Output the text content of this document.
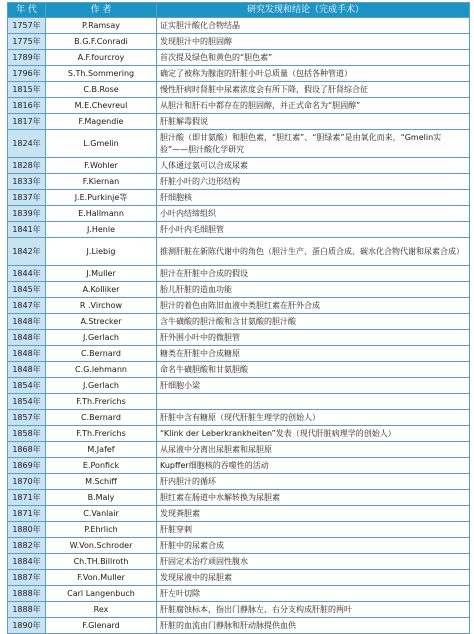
年 代	作 者	研究发现和结论（完成手术）
1757年	P.Ramsay	证实胆汁酸化合物结晶
1775年	B.G.F.Conradi	发现胆汁中的胆固醇
1789年	A.F.fourcroy	首次提及绿色和黄色的“胆色素”
1796年	S.Th.Sommering	确定了被称为腺泡的肝脏小叶总质量（包括各种管道）
1815年	C.B.Rose	慢性肝病时肾脏中尿素浓度会有所下降，假设了肝肾综合征
1816年	M.E.Chevreul	从胆汁和肝石中都存在的胆固醇，并正式命名为“胆固醇”
1817年	F.Magendie	肝脏解毒假说
1824年	L.Gmelin	胆汁酸（即甘氨酸）和胆色素，“胆红素”、“胆绿素”是由氧化而来，“Gmelin实验”——胆汁酸化学研究
1828年	F.Wohler	人体通过氨可以合成尿素
1833年	F.Kiernan	肝脏小叶的六边形结构
1837年	J.E.Purkinje等	肝细胞核
1839年	E.Hallmann	小叶内结缔组织
1841年	J.Henle	肝小叶内毛细胆管
1842年	J.Liebig	推测肝脏在新陈代谢中的角色（胆汁生产、蛋白质合成、碳水化合物代谢和尿素合成）
1844年	J.Muller	胆汁在肝脏中合成的假设
1845年	A.Kolliker	胎儿肝脏的造血功能
1847年	R .Virchow	胆汁的着色由陈旧血液中类胆红素在肝外合成
1848年	A.Strecker	含牛磺酸的胆汁酸和含甘氨酸的胆汁酸
1848年	J.Gerlach	肝外围小叶中的微胆管
1848年	C.Bernard	糖类在肝脏中合成糖原
1848年	C.G.lehmann	命名牛磺胆酸和甘氨胆酸
1854年	J.Gerlach	肝细胞小梁
1854年	F.Th.Frerichs	
1857年	C.Bernard	肝脏中含有糖原（现代肝脏生理学的创始人）
1858年	F.Th.Frerichs	“Klink der Leberkrankheiten”发表（现代肝脏病理学的创始人）
1868年	M.Jafef	从尿液中分离出尿胆素和尿胆原
1869年	E.Ponfick	Kupffer细胞核的吞噬性的活动
1870年	M.Schiff	肝内胆汁的循环
1871年	B.Maly	胆红素在肠道中水解转换为尿胆素
1871年	C.Vanlair	发现粪胆素
1880年	P.Ehrlich	肝脏穿刺
1882年	W.Von.Schroder	肝脏中的尿素合成
1884年	Ch.TH.Billroth	肝固定术治疗顽固性腹水
1887年	F.Von.Muller	发现尿液中的尿胆素
1888年	Carl Langenbuch	肝左叶切除
1888年	Rex	肝脏腐蚀标本，指出门静脉左、右分支构成肝脏的两叶
1890年	F.Glenard	肝脏的血流由门静脉和肝动脉提供血供
